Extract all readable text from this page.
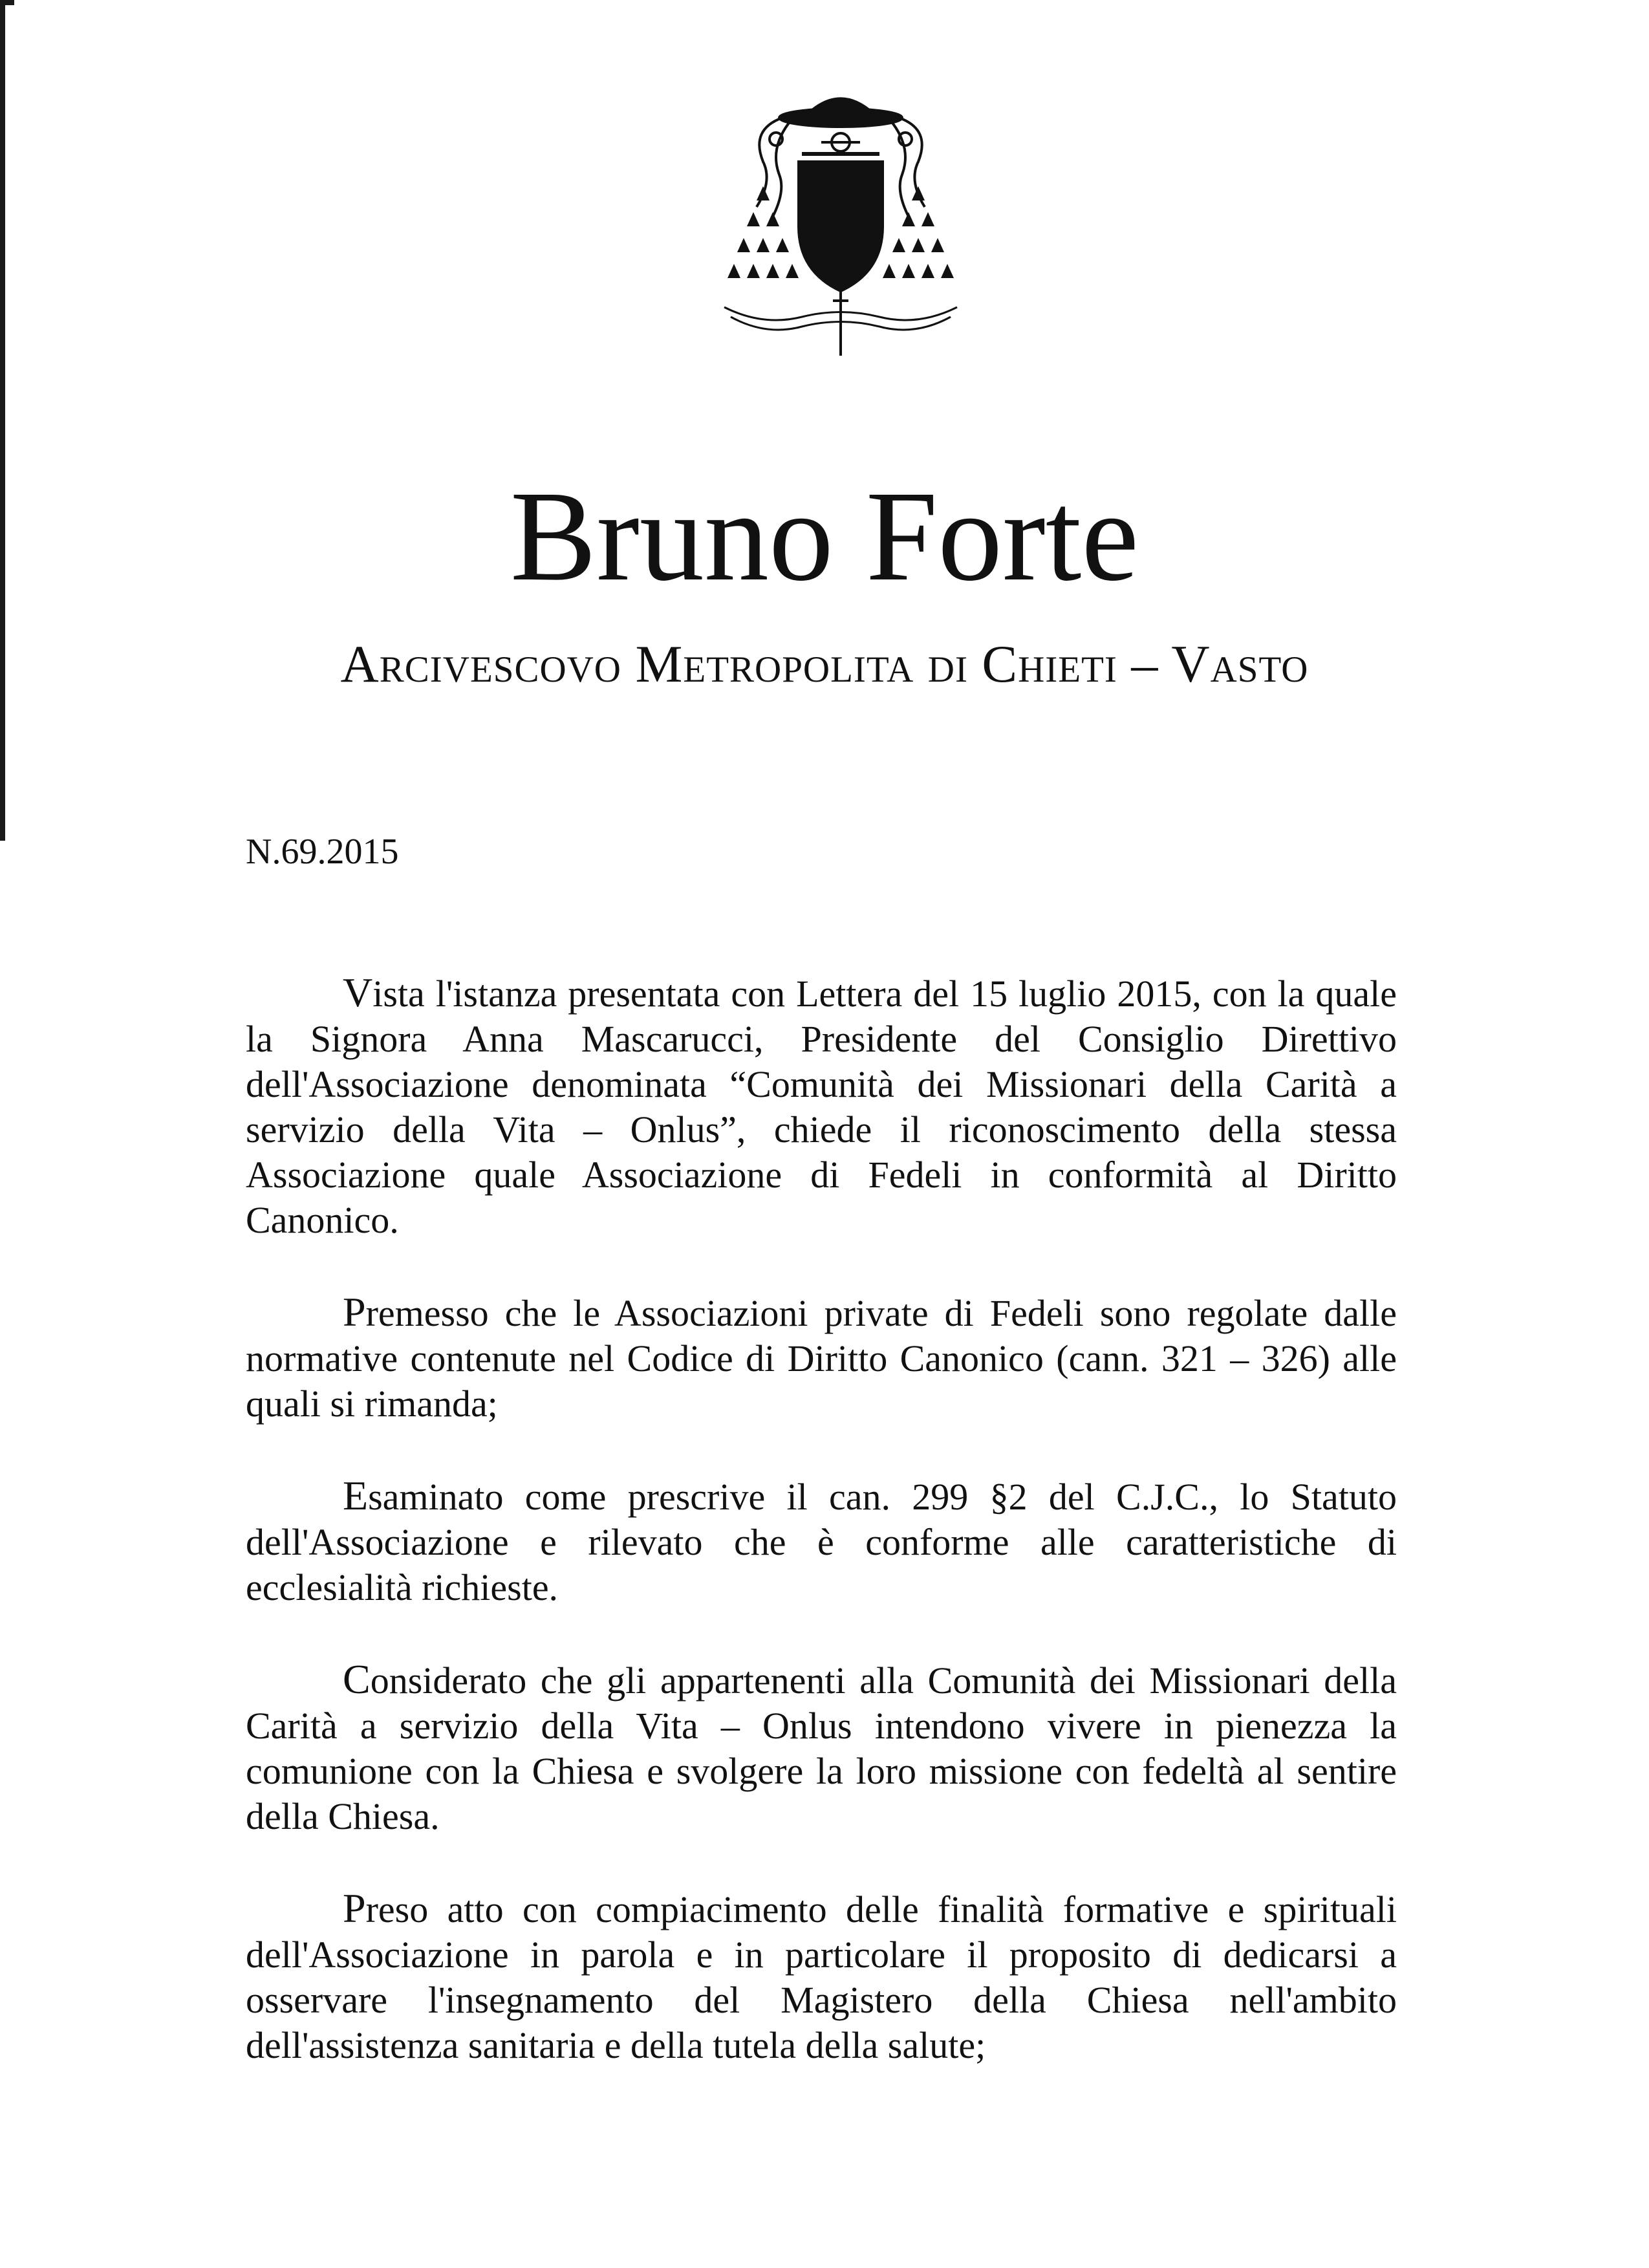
Bruno Forte
Arcivescovo Metropolita di Chieti – Vasto
N.69.2015

Vista l'istanza presentata con Lettera del 15 luglio 2015, con la quale la Signora Anna Mascarucci, Presidente del Consiglio Direttivo dell'Associazione denominata “Comunità dei Missionari della Carità a servizio della Vita – Onlus”, chiede il riconoscimento della stessa Associazione quale Associazione di Fedeli in conformità al Diritto Canonico.

Premesso che le Associazioni private di Fedeli sono regolate dalle normative contenute nel Codice di Diritto Canonico (cann. 321 – 326) alle quali si rimanda;

Esaminato come prescrive il can. 299 §2 del C.J.C., lo Statuto dell'Associazione e rilevato che è conforme alle caratteristiche di ecclesialità richieste.

Considerato che gli appartenenti alla Comunità dei Missionari della Carità a servizio della Vita – Onlus intendono vivere in pienezza la comunione con la Chiesa e svolgere la loro missione con fedeltà al sentire della Chiesa.

Preso atto con compiacimento delle finalità formative e spirituali dell'Associazione in parola e in particolare il proposito di dedicarsi a osservare l'insegnamento del Magistero della Chiesa nell'ambito dell'assistenza sanitaria e della tutela della salute;
